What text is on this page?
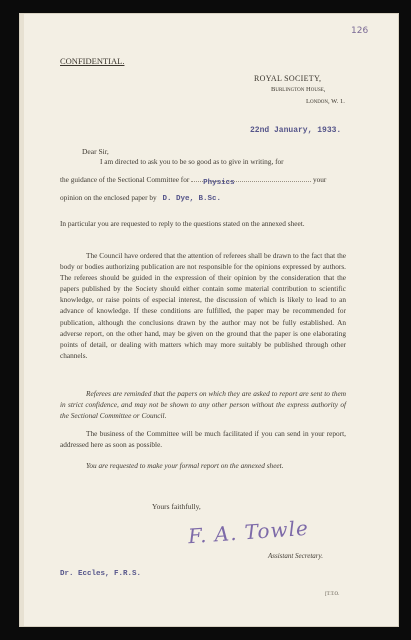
126
CONFIDENTIAL.
ROYAL SOCIETY,
Burlington House,
London, W. 1.
22nd January, 1933.
Dear Sir,

I am directed to ask you to be so good as to give in writing, for

the guidance of the Sectional Committee for Physics	your
opinion on the enclosed paper by D. Dye, B.Sc.

In particular you are requested to reply to the questions stated on the annexed sheet.

The Council have ordered that the attention of referees shall be drawn to the fact that the body or bodies authorizing publication are not responsible for the opinions expressed by authors. The referees should be guided in the expression of their opinion by the consideration that the papers published by the Society should either contain some material contribution to scientific knowledge, or raise points of especial interest, the discussion of which is likely to lead to an advance of knowledge. If these conditions are fulfilled, the paper may be recommended for publication, although the conclusions drawn by the author may not be fully established. An adverse report, on the other hand, may be given on the ground that the paper is one elaborating points of detail, or dealing with matters which may more suitably be published through other channels.

Referees are reminded that the papers on which they are asked to report are sent to them in strict confidence, and may not be shown to any other person without the express authority of the Sectional Committee or Council.

The business of the Committee will be much facilitated if you can send in your report, addressed here as soon as possible.

You are requested to make your formal report on the annexed sheet.

Yours faithfully,
F. A. Towle
Assistant Secretary.
Dr. Eccles, F.R.S.
[T.T.O.
